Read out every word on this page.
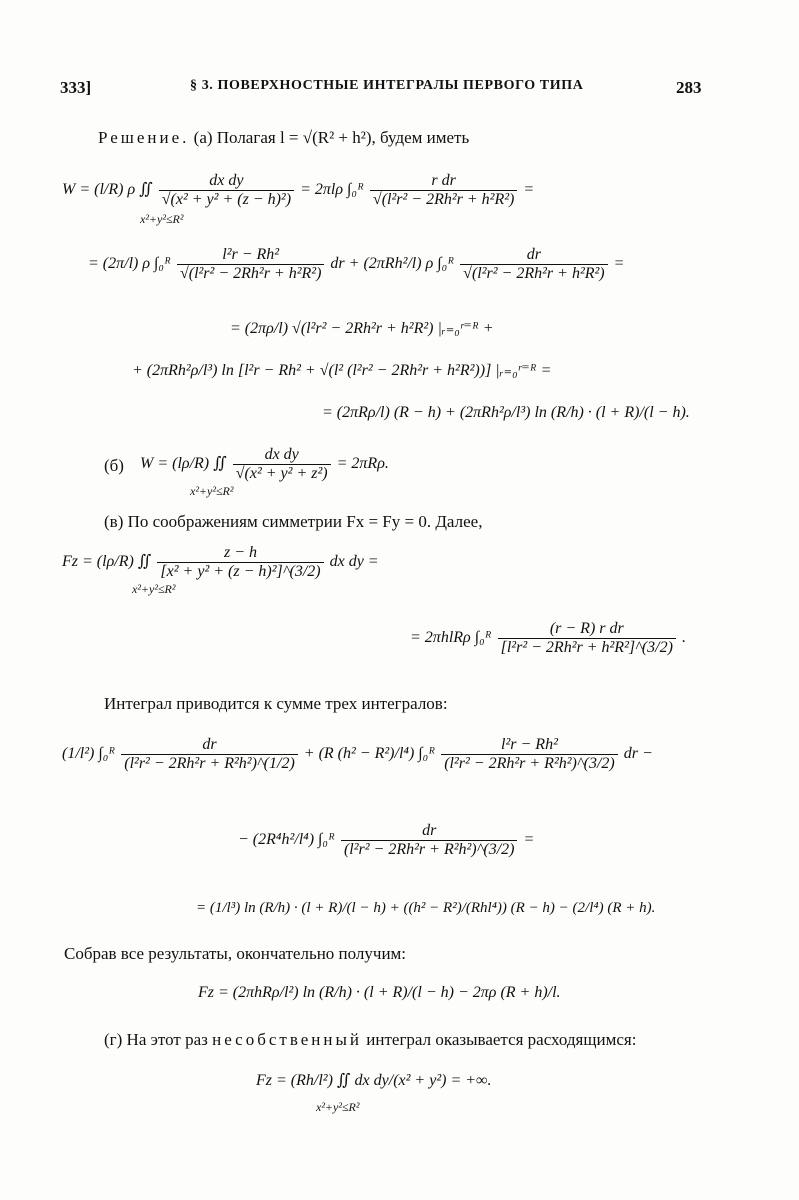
333]	§ 3. ПОВЕРХНОСТНЫЕ ИНТЕГРАЛЫ ПЕРВОГО ТИПА	283
Решение. (а) Полагая l = √(R² + h²), будем иметь
W = (l/R) ρ ∬ $\frac{\text{dx dy}}{\text{√(x² + y² + (z − h)²)}} = 2\pi l\rho$ ∫₀ᴿ $\frac{\text{r dr}}{\text{√(l²r² − 2Rh²r + h²R²)}}$ =
x²+y²≤R²
= (2π/l) ρ ∫₀ᴿ $\frac{\text{l²r − Rh²}}{\text{√(l²r² − 2Rh²r + h²R²)}}$ dr + (2πRh²/l) ρ ∫₀ᴿ $\frac{dr}{\text{√(l²r² − 2Rh²r + h²R²)}}$ =
= (2πρ/l) √(l²r² − 2Rh²r + h²R²) |ᵣ₌₀ʳ⁼ᴿ +
+ (2πRh²ρ/l³) ln [l²r − Rh² + √(l² (l²r² − 2Rh²r + h²R²))] |ᵣ₌₀ʳ⁼ᴿ =
= (2πRρ/l) (R − h) + (2πRh²ρ/l³) ln (R/h) · (l + R)/(l − h).
(б) W = (lρ/R) ∬ $\frac{\text{dx dy}}{\text{√(x² + y² + z²)}} = 2\pi R\rho$.
x²+y²≤R²
(в) По соображениям симметрии Fx = Fy = 0. Далее,
Fz = (lρ/R) ∬ $\frac{z - h}{\text{[x² + y² + (z − h)²]\textasciicircum{}(3/2)}}$ dx dy =
x²+y²≤R²
= 2πhlRρ ∫₀ᴿ $\frac{\text{(r − R) r dr}}{\text{[l²r² − 2Rh²r + h²R²]\textasciicircum{}(3/2)}}$ .
Интеграл приводится к сумме трех интегралов:
(1/l²) ∫₀ᴿ $\frac{dr}{\text{(l²r² − 2Rh²r + R²h²)\textasciicircum{}(1/2)}} + (R$ (h² − R²)/l⁴) ∫₀ᴿ $\frac{\text{l²r − Rh²}}{\text{(l²r² − 2Rh²r + R²h²)\textasciicircum{}(3/2)}}$ dr −
− (2R⁴h²/l⁴) ∫₀ᴿ $\frac{dr}{\text{(l²r² − 2Rh²r + R²h²)\textasciicircum{}(3/2)}}$ =
= (1/l³) ln (R/h) · (l + R)/(l − h) + ((h² − R²)/(Rhl⁴)) (R − h) − (2/l⁴) (R + h).
Собрав все результаты, окончательно получим:
Fz = (2πhRρ/l²) ln (R/h) · (l + R)/(l − h) − 2πρ (R + h)/l.
(г) На этот раз несобственный интеграл оказывается расходящимся:
Fz = (Rh/l²) ∬ dx dy/(x² + y²) = +∞.
x²+y²≤R²
